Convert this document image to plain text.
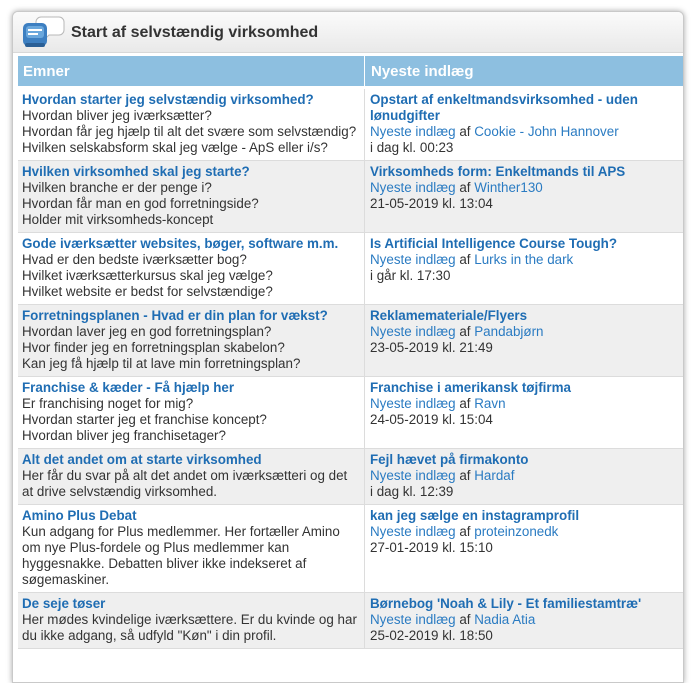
Start af selvstændig virksomhed
Emner	Nyeste indlæg
Hvordan starter jeg selvstændig virksomhed?
Hvordan bliver jeg iværksætter?
Hvordan får jeg hjælp til alt det svære som selvstændig?
Hvilken selskabsform skal jeg vælge - ApS eller i/s?
Opstart af enkeltmandsvirksomhed - uden lønudgifter
Nyeste indlæg af Cookie - John Hannover
i dag kl. 00:23
Hvilken virksomhed skal jeg starte?
Hvilken branche er der penge i?
Hvordan får man en god forretningside?
Holder mit virksomheds-koncept
Virksomheds form: Enkeltmands til APS
Nyeste indlæg af Winther130
21-05-2019 kl. 13:04
Gode iværksætter websites, bøger, software m.m.
Hvad er den bedste iværksætter bog?
Hvilket iværksætterkursus skal jeg vælge?
Hvilket website er bedst for selvstændige?
Is Artificial Intelligence Course Tough?
Nyeste indlæg af Lurks in the dark
i går kl. 17:30
Forretningsplanen - Hvad er din plan for vækst?
Hvordan laver jeg en god forretningsplan?
Hvor finder jeg en forretningsplan skabelon?
Kan jeg få hjælp til at lave min forretningsplan?
Reklamemateriale/Flyers
Nyeste indlæg af Pandabjørn
23-05-2019 kl. 21:49
Franchise & kæder - Få hjælp her
Er franchising noget for mig?
Hvordan starter jeg et franchise koncept?
Hvordan bliver jeg franchisetager?
Franchise i amerikansk tøjfirma
Nyeste indlæg af Ravn
24-05-2019 kl. 15:04
Alt det andet om at starte virksomhed
Her får du svar på alt det andet om iværksætteri og det at drive selvstændig virksomhed.
Fejl hævet på firmakonto
Nyeste indlæg af Hardaf
i dag kl. 12:39
Amino Plus Debat
Kun adgang for Plus medlemmer. Her fortæller Amino om nye Plus-fordele og Plus medlemmer kan hyggesnakke. Debatten bliver ikke indekseret af søgemaskiner.
kan jeg sælge en instagramprofil
Nyeste indlæg af proteinzonedk
27-01-2019 kl. 15:10
De seje tøser
Her mødes kvindelige iværksættere. Er du kvinde og har du ikke adgang, så udfyld "Køn" i din profil.
Børnebog 'Noah & Lily - Et familiestamtræ'
Nyeste indlæg af Nadia Atia
25-02-2019 kl. 18:50
